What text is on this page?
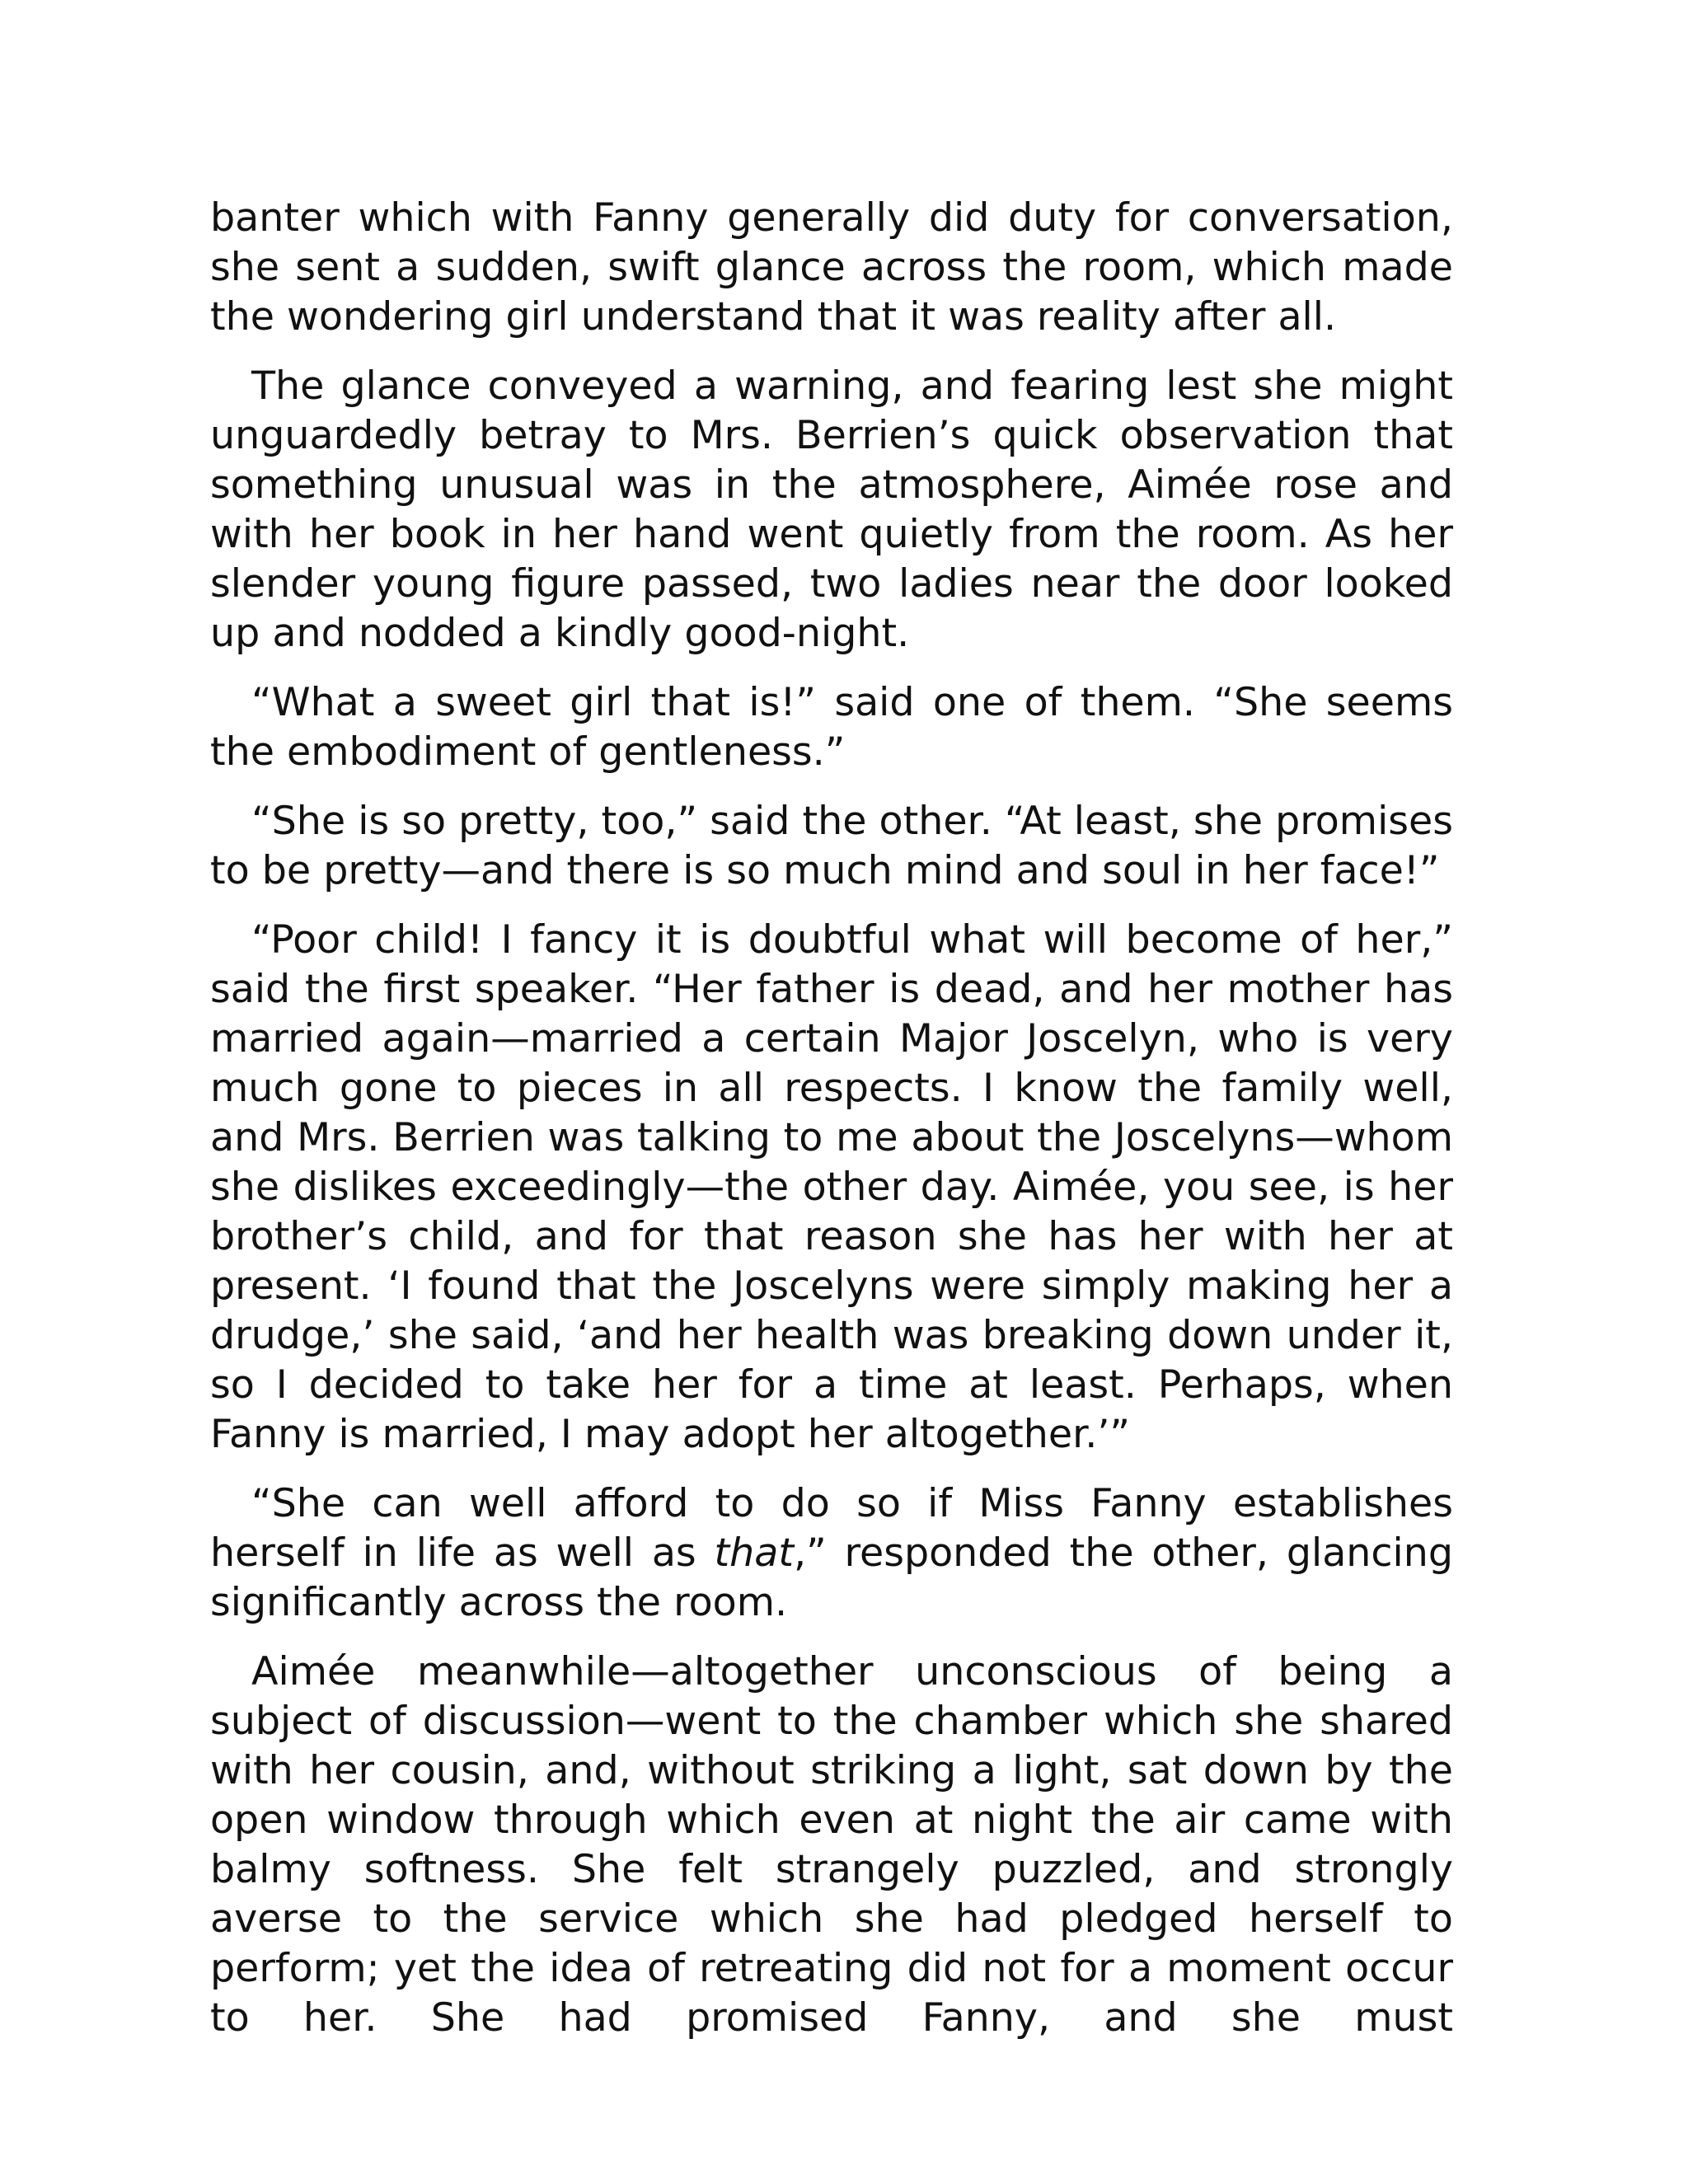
banter which with Fanny generally did duty for conversation, she sent a sudden, swift glance across the room, which made the wondering girl understand that it was reality after all.

The glance conveyed a warning, and fearing lest she might unguardedly betray to Mrs. Berrien’s quick observation that something unusual was in the atmosphere, Aimée rose and with her book in her hand went quietly from the room. As her slender young figure passed, two ladies near the door looked up and nodded a kindly good-night.

“What a sweet girl that is!” said one of them. “She seems the embodiment of gentleness.”

“She is so pretty, too,” said the other. “At least, she promises to be pretty—and there is so much mind and soul in her face!”

“Poor child! I fancy it is doubtful what will become of her,” said the first speaker. “Her father is dead, and her mother has married again—married a certain Major Joscelyn, who is very much gone to pieces in all respects. I know the family well, and Mrs. Berrien was talking to me about the Joscelyns—whom she dislikes exceedingly—the other day. Aimée, you see, is her brother’s child, and for that reason she has her with her at present. ‘I found that the Joscelyns were simply making her a drudge,’ she said, ‘and her health was breaking down under it, so I decided to take her for a time at least. Perhaps, when Fanny is married, I may adopt her altogether.’”

“She can well afford to do so if Miss Fanny establishes herself in life as well as that,” responded the other, glancing significantly across the room.

Aimée meanwhile—altogether unconscious of being a subject of discussion—went to the chamber which she shared with her cousin, and, without striking a light, sat down by the open window through which even at night the air came with balmy softness. She felt strangely puzzled, and strongly averse to the service which she had pledged herself to perform; yet the idea of retreating did not for a moment occur to her. She had promised Fanny, and she must
